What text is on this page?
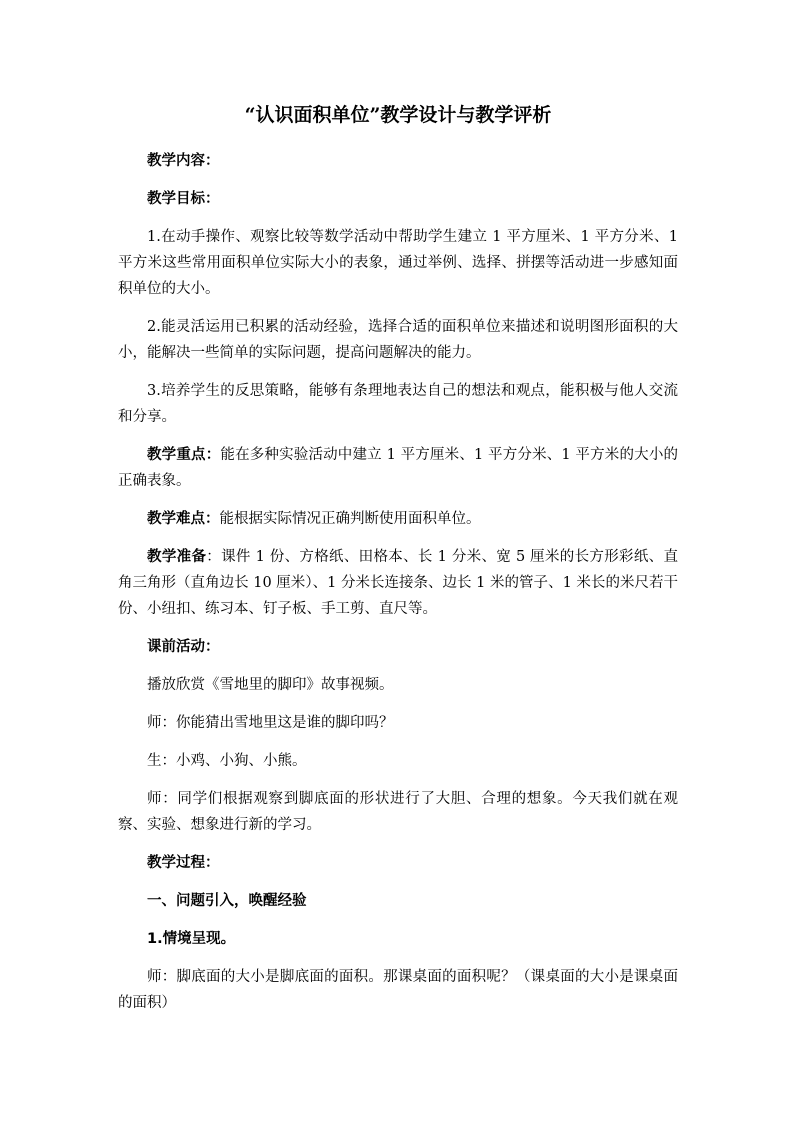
“认识面积单位”教学设计与教学评析

教学内容：

教学目标：

1.在动手操作、观察比较等数学活动中帮助学生建立 1 平方厘米、1 平方分米、1 平方米这些常用面积单位实际大小的表象，通过举例、选择、拼摆等活动进一步感知面积单位的大小。

2.能灵活运用已积累的活动经验，选择合适的面积单位来描述和说明图形面积的大小，能解决一些简单的实际问题，提高问题解决的能力。

3.培养学生的反思策略，能够有条理地表达自己的想法和观点，能积极与他人交流和分享。

教学重点：能在多种实验活动中建立 1 平方厘米、1 平方分米、1 平方米的大小的正确表象。

教学难点：能根据实际情况正确判断使用面积单位。

教学准备：课件 1 份、方格纸、田格本、长 1 分米、宽 5 厘米的长方形彩纸、直角三角形（直角边长 10 厘米）、1 分米长连接条、边长 1 米的管子、1 米长的米尺若干份、小纽扣、练习本、钉子板、手工剪、直尺等。

课前活动：

播放欣赏《雪地里的脚印》故事视频。

师：你能猜出雪地里这是谁的脚印吗？

生：小鸡、小狗、小熊。

师：同学们根据观察到脚底面的形状进行了大胆、合理的想象。今天我们就在观察、实验、想象进行新的学习。

教学过程：

一、问题引入，唤醒经验

1.情境呈现。

师：脚底面的大小是脚底面的面积。那课桌面的面积呢？（课桌面的大小是课桌面的面积）
